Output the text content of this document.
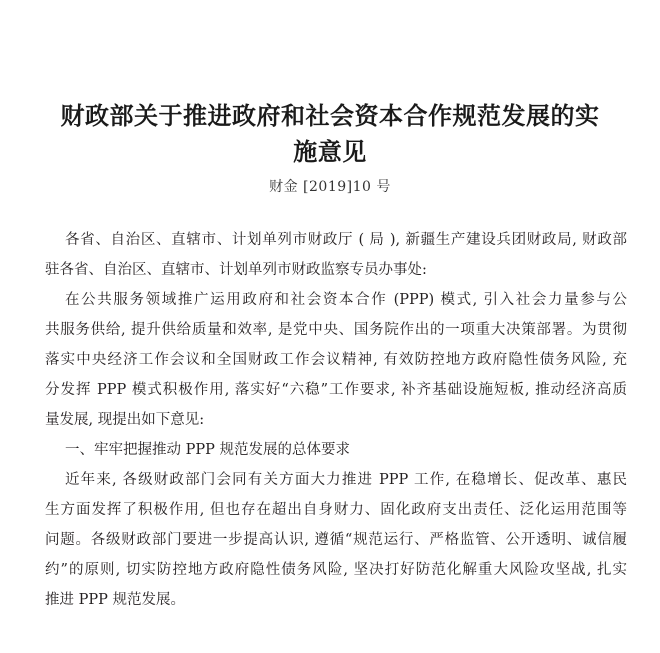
财政部关于推进政府和社会资本合作规范发展的实
施意见
财金 [2019]10 号
各省、自治区、直辖市、计划单列市财政厅 ( 局 ), 新疆生产建设兵团财政局, 财政部
驻各省、自治区、直辖市、计划单列市财政监察专员办事处:
在公共服务领域推广运用政府和社会资本合作 (PPP) 模式, 引入社会力量参与公
共服务供给, 提升供给质量和效率, 是党中央、国务院作出的一项重大决策部署。为贯彻
落实中央经济工作会议和全国财政工作会议精神, 有效防控地方政府隐性债务风险, 充
分发挥 PPP 模式积极作用, 落实好“六稳”工作要求, 补齐基础设施短板, 推动经济高质
量发展, 现提出如下意见:
一、牢牢把握推动 PPP 规范发展的总体要求
近年来, 各级财政部门会同有关方面大力推进 PPP 工作, 在稳增长、促改革、惠民
生方面发挥了积极作用, 但也存在超出自身财力、固化政府支出责任、泛化运用范围等
问题。各级财政部门要进一步提高认识, 遵循“规范运行、严格监管、公开透明、诚信履
约”的原则, 切实防控地方政府隐性债务风险, 坚决打好防范化解重大风险攻坚战, 扎实
推进 PPP 规范发展。
